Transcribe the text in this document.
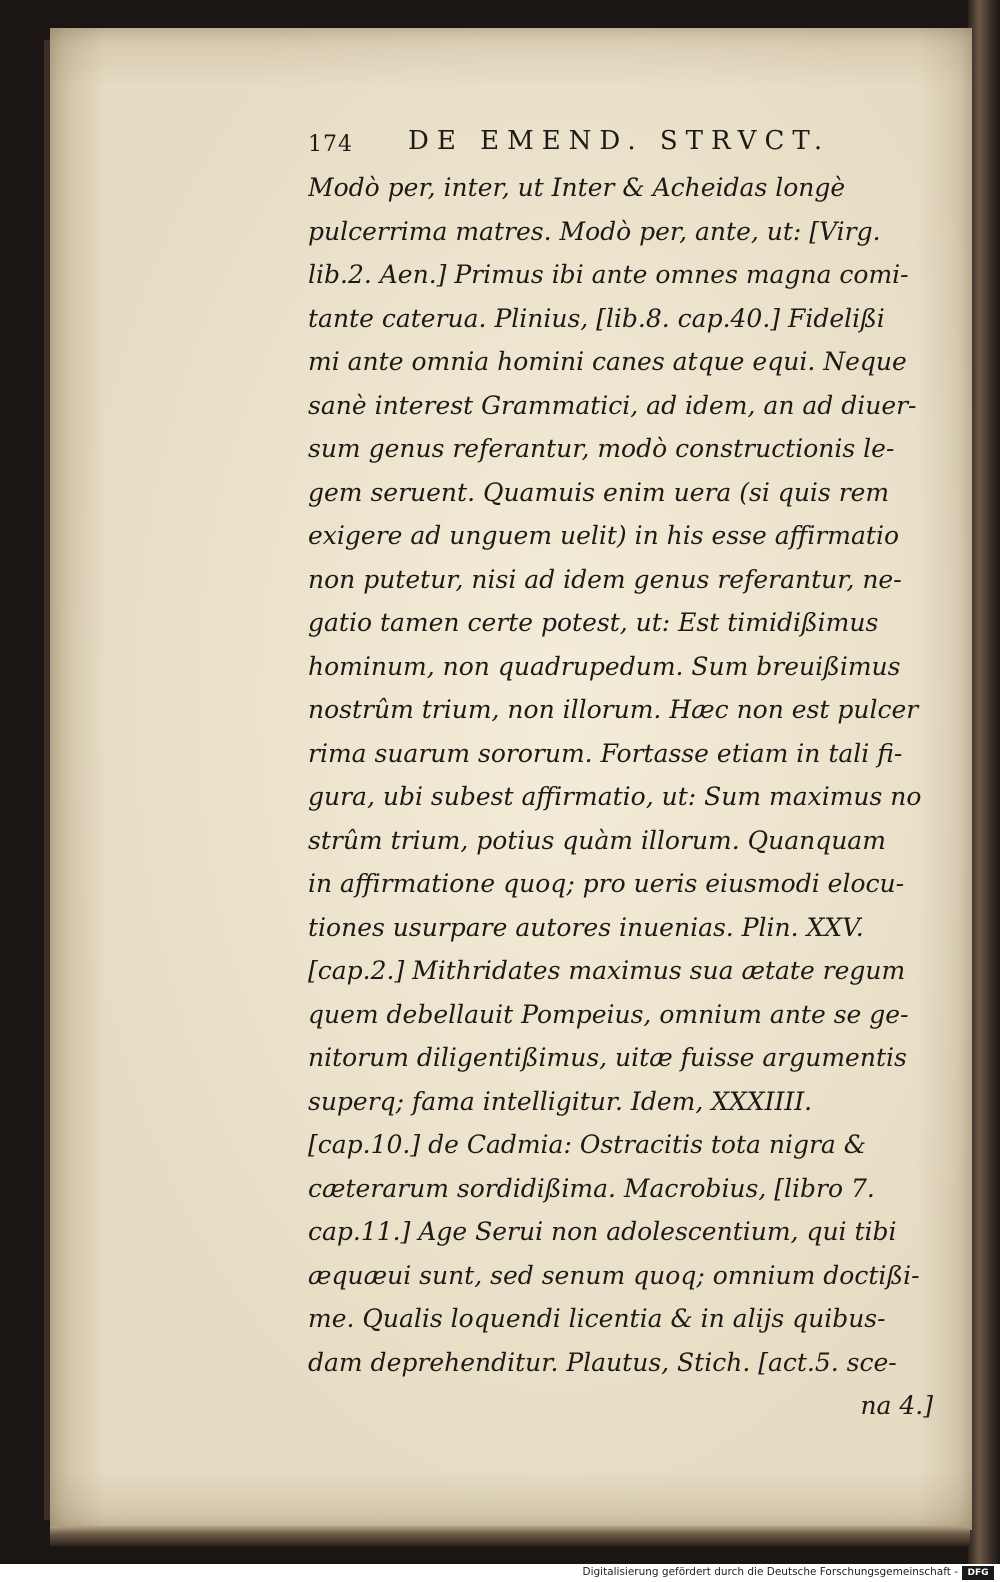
174 DE EMEND. STRVCT.
Modò per, inter, ut Inter & Acheidas longè
pulcerrima matres. Modò per, ante, ut: [Virg.
lib.2. Aen.] Primus ibi ante omnes magna comi-
tante caterua. Plinius, [lib.8. cap.40.] Fidelißi
mi ante omnia homini canes atque equi. Neque
sanè interest Grammatici, ad idem, an ad diuer-
sum genus referantur, modò constructionis le-
gem seruent. Quamuis enim uera (si quis rem
exigere ad unguem uelit) in his esse affirmatio
non putetur, nisi ad idem genus referantur, ne-
gatio tamen certe potest, ut: Est timidißimus
hominum, non quadrupedum. Sum breuißimus
nostrûm trium, non illorum. Hæc non est pulcer
rima suarum sororum. Fortasse etiam in tali fi-
gura, ubi subest affirmatio, ut: Sum maximus no
strûm trium, potius quàm illorum. Quanquam
in affirmatione quoq; pro ueris eiusmodi elocu-
tiones usurpare autores inuenias. Plin. XXV.
[cap.2.] Mithridates maximus sua ætate regum
quem debellauit Pompeius, omnium ante se ge-
nitorum diligentißimus, uitæ fuisse argumentis
superq; fama intelligitur. Idem, XXXIIII.
[cap.10.] de Cadmia: Ostracitis tota nigra &
cæterarum sordidißima. Macrobius, [libro 7.
cap.11.] Age Serui non adolescentium, qui tibi
æquæui sunt, sed senum quoq; omnium doctißi-
me. Qualis loquendi licentia & in alijs quibus-
dam deprehenditur. Plautus, Stich. [act.5. sce-
na 4.]
Digitalisierung gefördert durch die Deutsche Forschungsgemeinschaft -	DFG
